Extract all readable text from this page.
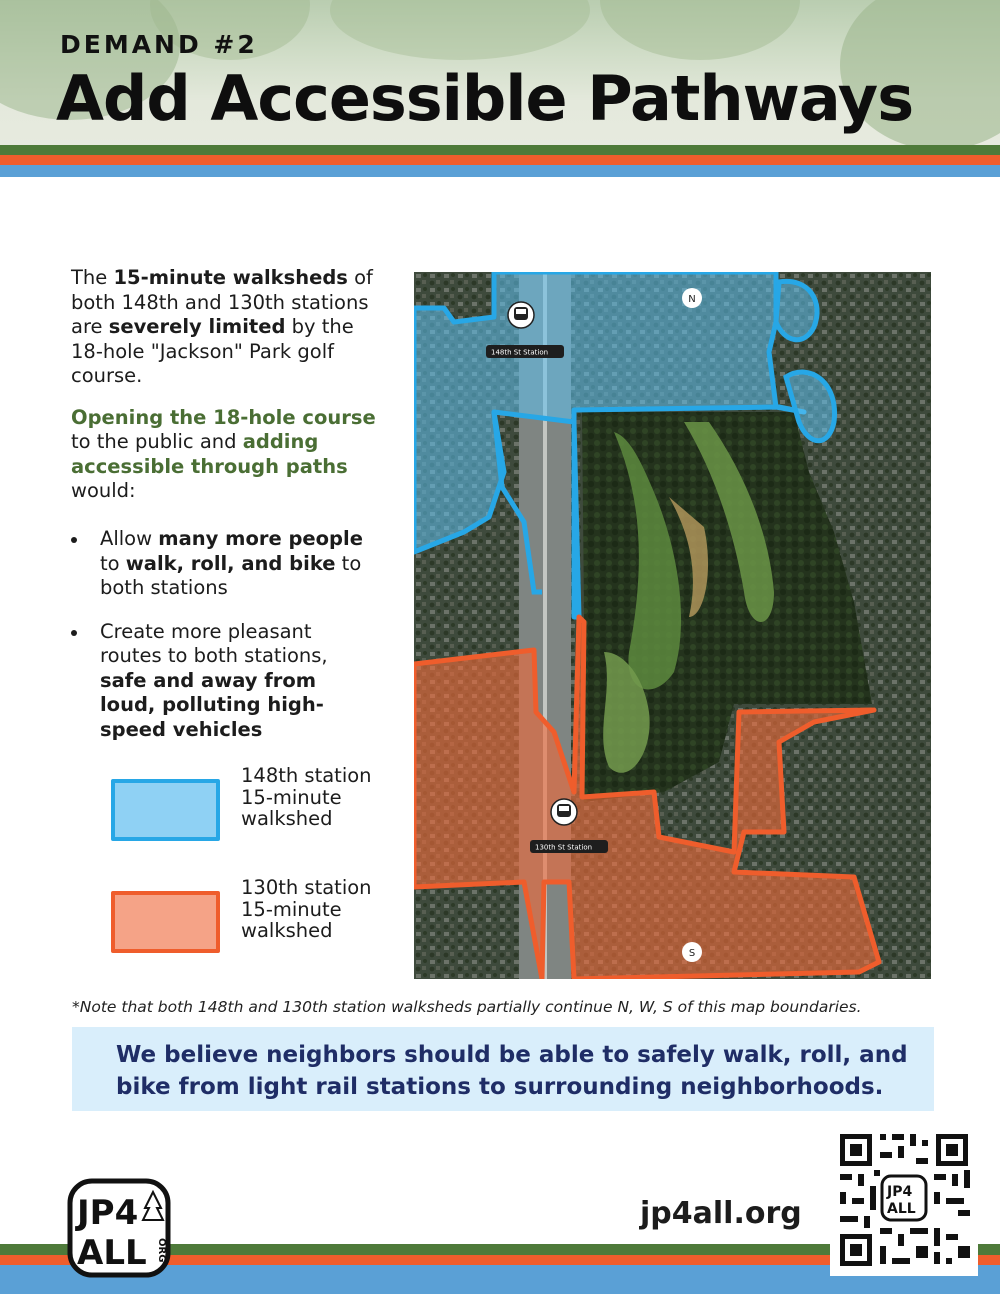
DEMAND #2
Add Accessible Pathways

The 15-minute walksheds of both 148th and 130th stations are severely limited by the 18-hole "Jackson" Park golf course.

Opening the 18-hole course to the public and adding accessible through paths would:

Allow many more people to walk, roll, and bike to both stations
Create more pleasant routes to both stations, safe and away from loud, polluting high-speed vehicles
148th station 15-minute walkshed
130th station 15-minute walkshed
148th St Station
130th St Station
N
S
*Note that both 148th and 130th station walksheds partially continue N, W, S of this map boundaries.
We believe neighbors should be able to safely walk, roll, and bike from light rail stations to surrounding neighborhoods.
JP4
ALL ORG
jp4all.org
JP4
ALL
